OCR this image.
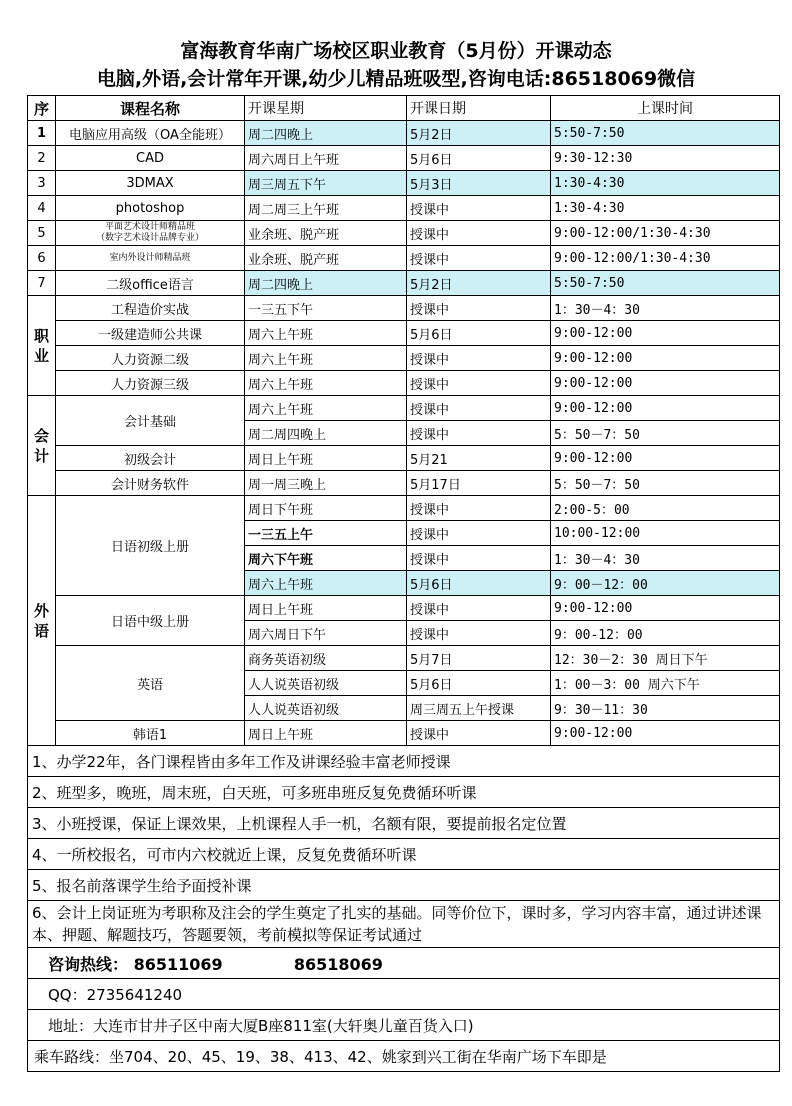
富海教育华南广场校区职业教育（5月份）开课动态
电脑,外语,会计常年开课,幼少儿精品班吸型,咨询电话:86518069微信
序	课程名称	开课星期	开课日期	上课时间
1	电脑应用高级（OA全能班）	周二四晚上	5月2日	5:50-7:50
2	CAD	周六周日上午班	5月6日	9:30-12:30
3	3DMAX	周三周五下午	5月3日	1:30-4:30
4	photoshop	周二周三上午班	授课中	1:30-4:30
5	平面艺术设计师精品班
（数字艺术设计品牌专业）	业余班、脱产班	授课中	9:00-12:00/1:30-4:30
6	室内外设计师精品班	业余班、脱产班	授课中	9:00-12:00/1:30-4:30
7	二级office语言	周二四晚上	5月2日	5:50-7:50
职
业	工程造价实战	一三五下午	授课中	1：30－4：30
	一级建造师公共课	周六上午班	5月6日	9:00-12:00
	人力资源二级	周六上午班	授课中	9:00-12:00
	人力资源三级	周六上午班	授课中	9:00-12:00
会
计	会计基础	周六上午班	授课中	9:00-12:00
		周二周四晚上	授课中	5：50－7：50
	初级会计	周日上午班	5月21	9:00-12:00
	会计财务软件	周一周三晚上	5月17日	5：50－7：50
外
语	日语初级上册	周日下午班	授课中	2:00-5：00
		一三五上午	授课中	10:00-12:00
		周六下午班	授课中	1：30－4：30
		周六上午班	5月6日	9：00－12：00
	日语中级上册	周日上午班	授课中	9:00-12:00
		周六周日下午	授课中	9：00-12：00
	英语	商务英语初级	5月7日	12：30－2：30 周日下午
		人人说英语初级	5月6日	1：00－3：00 周六下午
		人人说英语初级	周三周五上午授课	9：30－11：30
	韩语1	周日上午班	授课中	9:00-12:00
1、办学22年，各门课程皆由多年工作及讲课经验丰富老师授课				
2、班型多，晚班，周末班，白天班，可多班串班反复免费循环听课				
3、小班授课，保证上课效果，上机课程人手一机，名额有限，要提前报名定位置				
4、一所校报名，可市内六校就近上课，反复免费循环听课				
5、报名前落课学生给予面授补课				
6、会计上岗证班为考职称及注会的学生奠定了扎实的基础。同等价位下，课时多，学习内容丰富，通过讲述课本、押题、解题技巧，答题要领，考前模拟等保证考试通过				
咨询热线： 86511069 86518069				
QQ：2735641240				
地址：大连市甘井子区中南大厦B座811室(大轩奥儿童百货入口)				
乘车路线：坐704、20、45、19、38、413、42、姚家到兴工街在华南广场下车即是				
